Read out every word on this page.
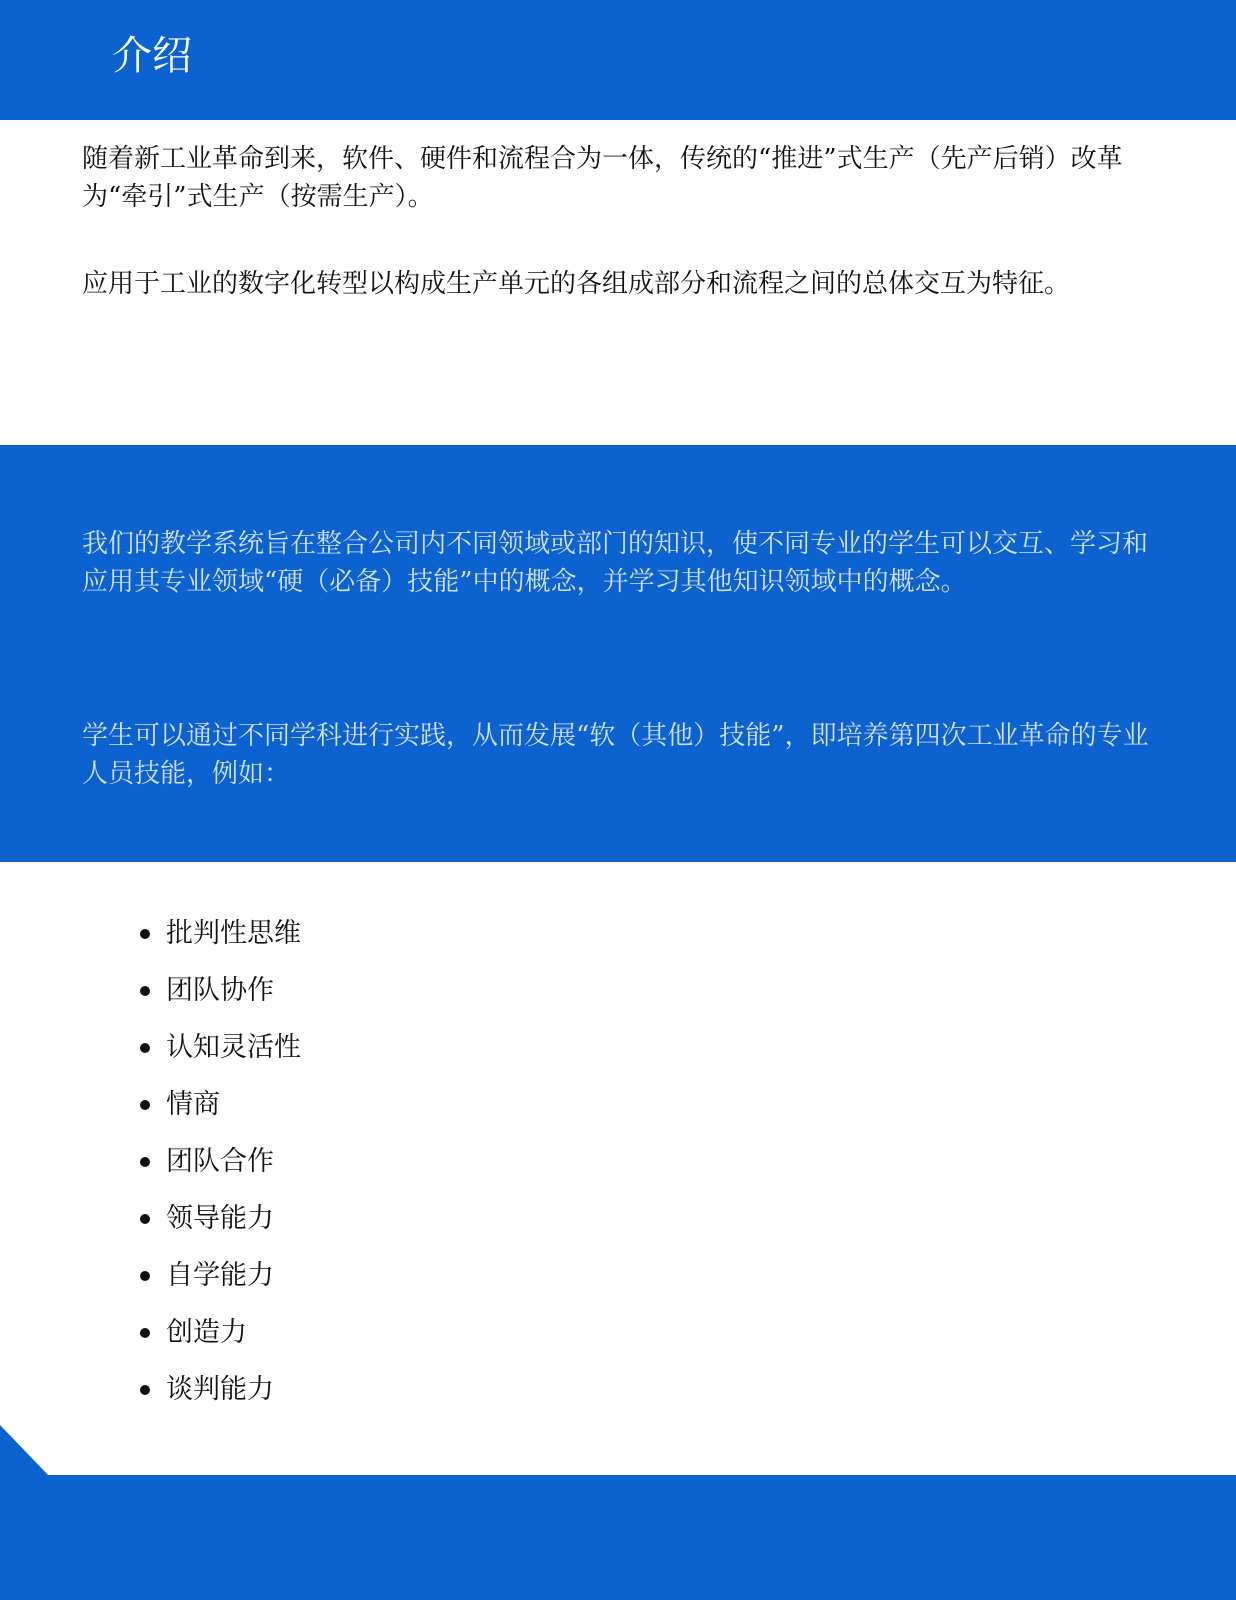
介绍

随着新工业革命到来，软件、硬件和流程合为一体，传统的“推进”式生产（先产后销）改革为“牵引”式生产（按需生产）。

应用于工业的数字化转型以构成生产单元的各组成部分和流程之间的总体交互为特征。

我们的教学系统旨在整合公司内不同领域或部门的知识，使不同专业的学生可以交互、学习和应用其专业领域“硬（必备）技能”中的概念，并学习其他知识领域中的概念。

学生可以通过不同学科进行实践，从而发展“软（其他）技能”，即培养第四次工业革命的专业人员技能，例如：

批判性思维
团队协作
认知灵活性
情商
团队合作
领导能力
自学能力
创造力
谈判能力
